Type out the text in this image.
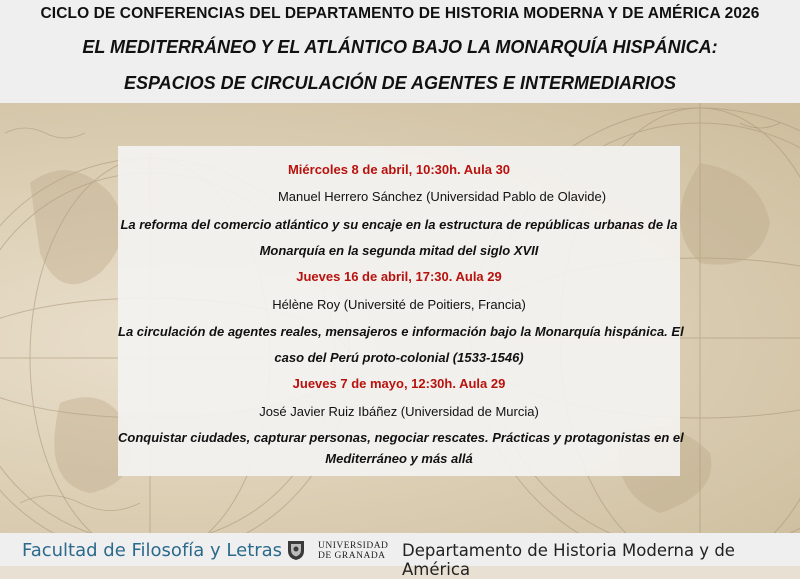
CICLO DE CONFERENCIAS DEL DEPARTAMENTO DE HISTORIA MODERNA Y DE AMÉRICA 2026
EL MEDITERRÁNEO Y EL ATLÁNTICO BAJO LA MONARQUÍA HISPÁNICA:
ESPACIOS DE CIRCULACIÓN DE AGENTES E INTERMEDIARIOS
Miércoles 8 de abril, 10:30h. Aula 30
Manuel Herrero Sánchez (Universidad Pablo de Olavide)
La reforma del comercio atlántico y su encaje en la estructura de repúblicas urbanas de la
Monarquía en la segunda mitad del siglo XVII
Jueves 16 de abril, 17:30. Aula 29
Hélène Roy (Université de Poitiers, Francia)
La circulación de agentes reales, mensajeros e información bajo la Monarquía hispánica. El
caso del Perú proto-colonial (1533-1546)
Jueves 7 de mayo, 12:30h. Aula 29
José Javier Ruiz Ibáñez (Universidad de Murcia)
Conquistar ciudades, capturar personas, negociar rescates. Prácticas y protagonistas en el
Mediterráneo y más allá
Facultad de Filosofía y Letras	UNIVERSIDAD
DE GRANADA Departamento de Historia Moderna y de América
